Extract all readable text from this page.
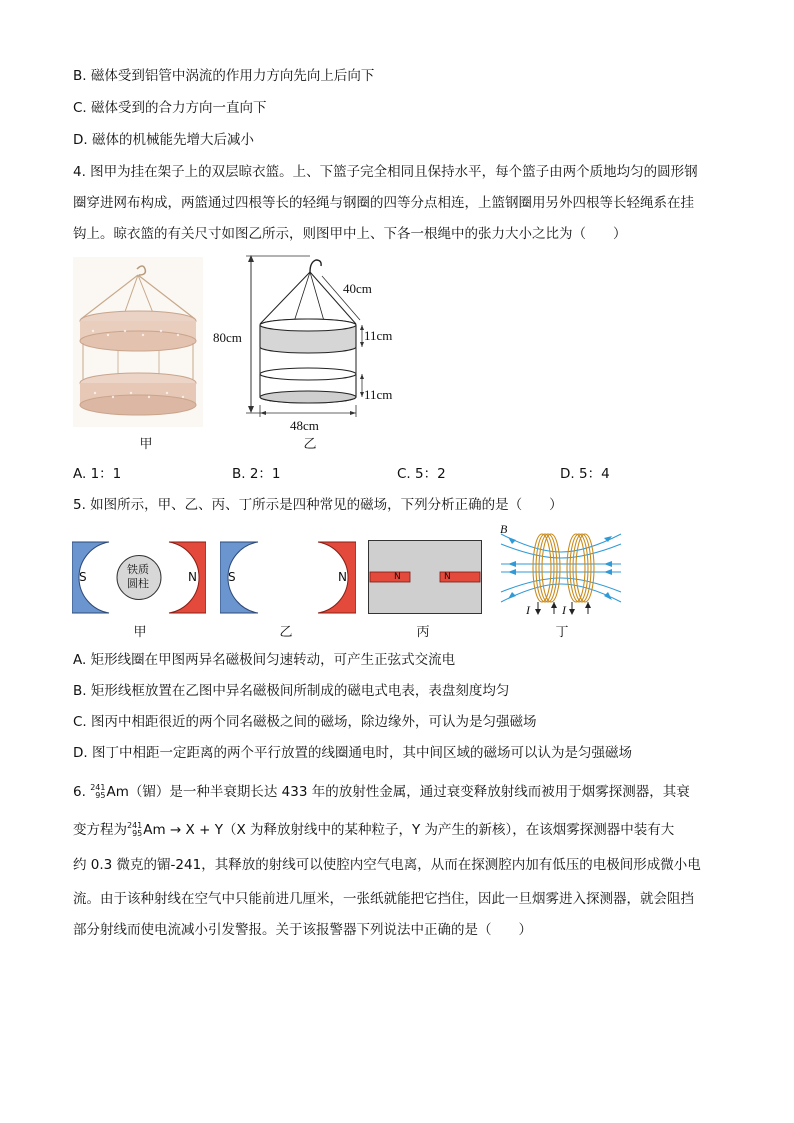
B. 磁体受到铝管中涡流的作用力方向先向上后向下
C. 磁体受到的合力方向一直向下
D. 磁体的机械能先增大后减小
4. 图甲为挂在架子上的双层晾衣篮。上、下篮子完全相同且保持水平，每个篮子由两个质地均匀的圆形钢
圈穿进网布构成，两篮通过四根等长的轻绳与钢圈的四等分点相连，上篮钢圈用另外四根等长轻绳系在挂
钩上。晾衣篮的有关尺寸如图乙所示，则图甲中上、下各一根绳中的张力大小之比为（　　）
甲
40cm
80cm	11cm
11cm
48cm
乙
A. 1：1	B. 2：1	C. 5：2	D. 5：4
5. 如图所示，甲、乙、丙、丁所示是四种常见的磁场，下列分析正确的是（　　）
S	N
铁质
圆柱
甲
S	N
乙
N	N
丙
B
I	I
丁
A. 矩形线圈在甲图两异名磁极间匀速转动，可产生正弦式交流电
B. 矩形线框放置在乙图中异名磁极间所制成的磁电式电表，表盘刻度均匀
C. 图丙中相距很近的两个同名磁极之间的磁场，除边缘外，可认为是匀强磁场
D. 图丁中相距一定距离的两个平行放置的线圈通电时，其中间区域的磁场可以认为是匀强磁场
6. 241
95Am（镅）是一种半衰期长达 433 年的放射性金属，通过衰变释放射线而被用于烟雾探测器，其衰
变方程为241
95Am → X + Y（X 为释放射线中的某种粒子，Y 为产生的新核），在该烟雾探测器中装有大
约 0.3 微克的镅-241，其释放的射线可以使腔内空气电离，从而在探测腔内加有低压的电极间形成微小电
流。由于该种射线在空气中只能前进几厘米，一张纸就能把它挡住，因此一旦烟雾进入探测器，就会阻挡
部分射线而使电流减小引发警报。关于该报警器下列说法中正确的是（　　）
